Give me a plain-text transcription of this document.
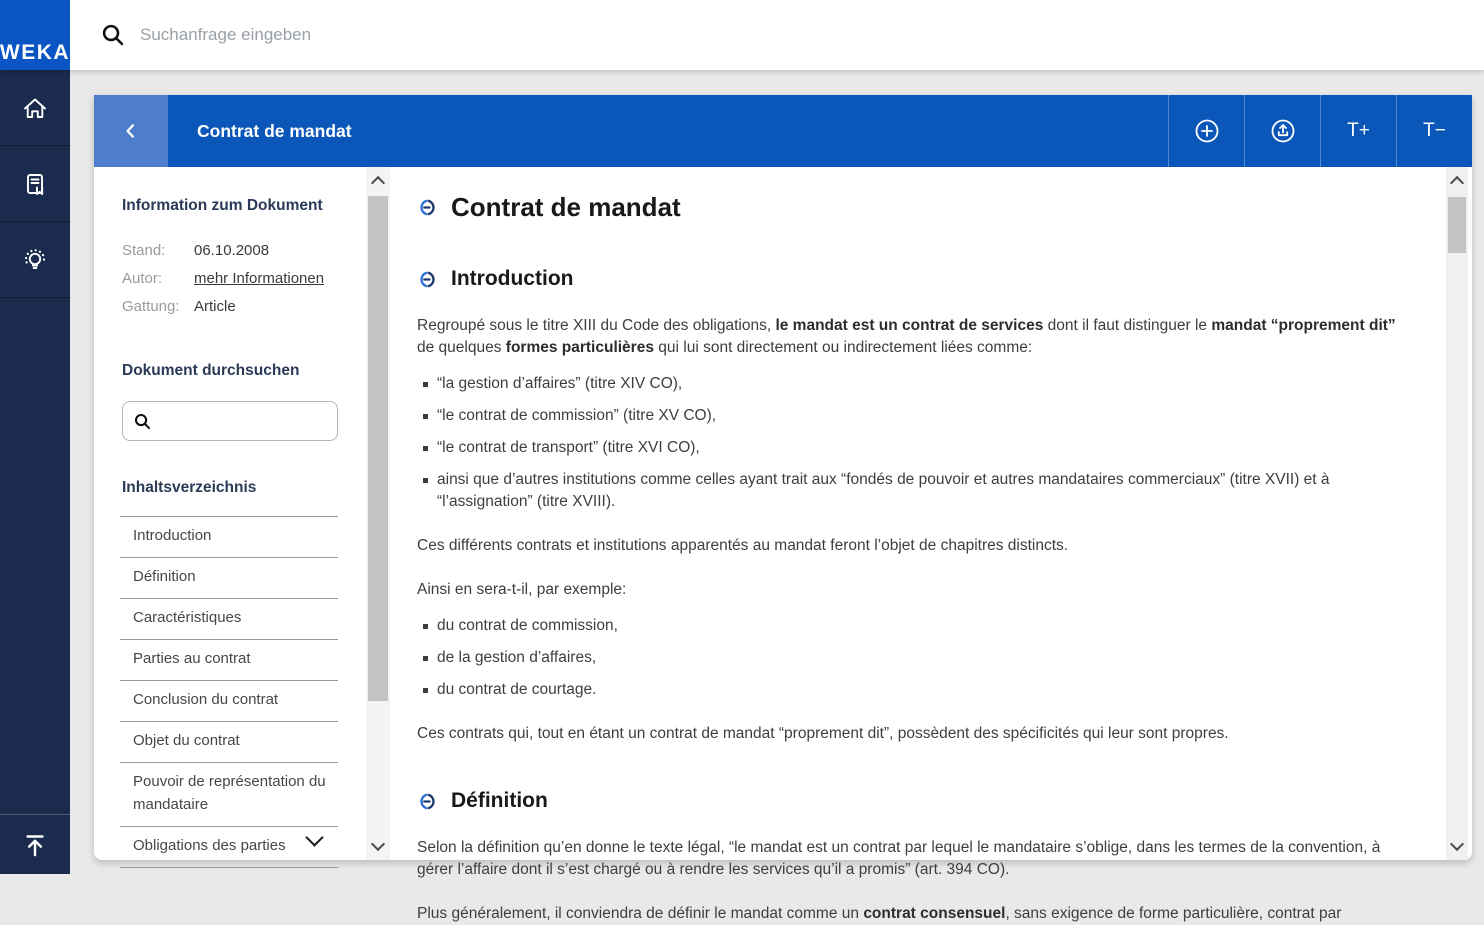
Suchanfrage eingeben
WEKA
Contrat de mandat	T+	T−
Information zum Dokument
Stand:	06.10.2008
Autor:	mehr Informationen
Gattung: Article
Dokument durchsuchen
Inhaltsverzeichnis
Introduction
Définition
Caractéristiques
Parties au contrat
Conclusion du contrat
Objet du contrat
Pouvoir de représentation du mandataire
Obligations des parties
Contrat de mandat
Introduction

Regroupé sous le titre XIII du Code des obligations, le mandat est un contrat de services dont il faut distinguer le mandat “proprement dit” de quelques formes particulières qui lui sont directement ou indirectement liées comme:

“la gestion d’affaires” (titre XIV CO),
“le contrat de commission” (titre XV CO),
“le contrat de transport” (titre XVI CO),
ainsi que d’autres institutions comme celles ayant trait aux “fondés de pouvoir et autres mandataires commerciaux” (titre XVII) et à “l’assignation” (titre XVIII).

Ces différents contrats et institutions apparentés au mandat feront l’objet de chapitres distincts.

Ainsi en sera-t-il, par exemple:

du contrat de commission,
de la gestion d’affaires,
du contrat de courtage.

Ces contrats qui, tout en étant un contrat de mandat “proprement dit”, possèdent des spécificités qui leur sont propres.

Définition

Selon la définition qu’en donne le texte légal, “le mandat est un contrat par lequel le mandataire s’oblige, dans les termes de la convention, à gérer l’affaire dont il s’est chargé ou à rendre les services qu’il a promis” (art. 394 CO).

Plus généralement, il conviendra de définir le mandat comme un contrat consensuel, sans exigence de forme particulière, contrat par
